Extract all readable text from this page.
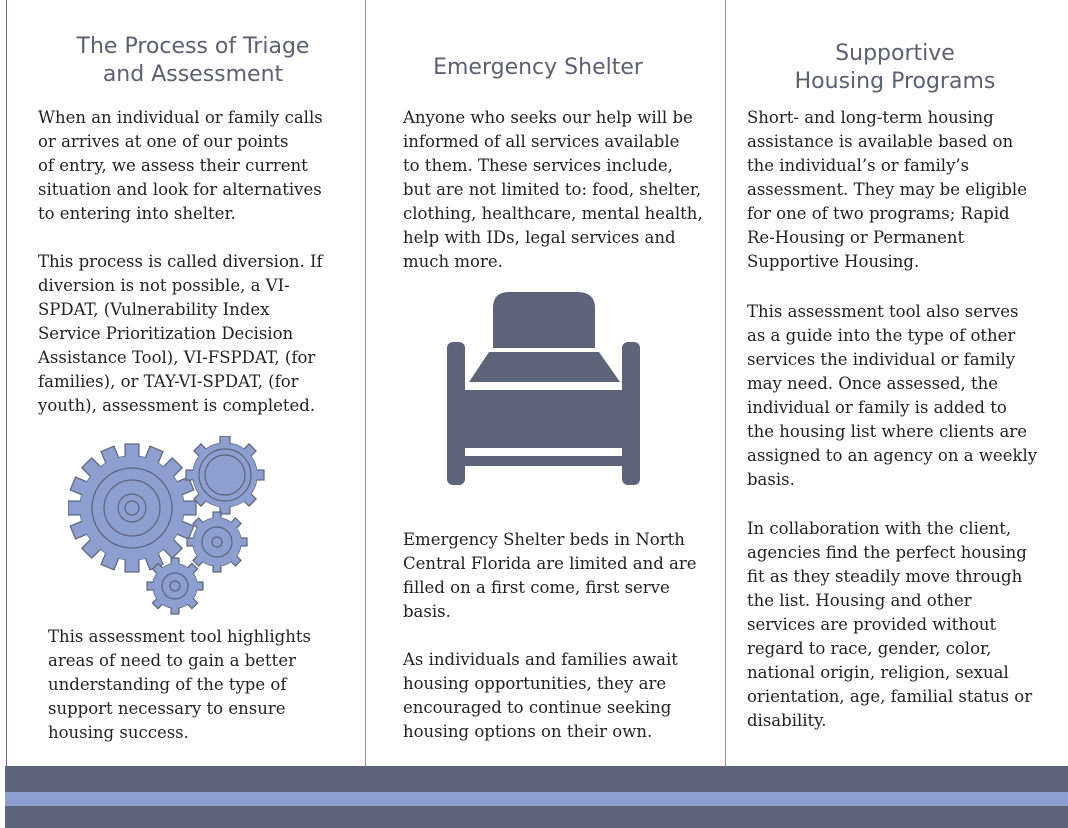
The Process of Triage
and Assessment

When an individual or family calls
or arrives at one of our points
of entry, we assess their current
situation and look for alternatives
to entering into shelter.

This process is called diversion. If
diversion is not possible, a VI-
SPDAT, (Vulnerability Index
Service Prioritization Decision
Assistance Tool), VI-FSPDAT, (for
families), or TAY-VI-SPDAT, (for
youth), assessment is completed.

This assessment tool highlights
areas of need to gain a better
understanding of the type of
support necessary to ensure
housing success.

Emergency Shelter

Anyone who seeks our help will be
informed of all services available
to them. These services include,
but are not limited to: food, shelter,
clothing, healthcare, mental health,
help with IDs, legal services and
much more.

Emergency Shelter beds in North
Central Florida are limited and are
filled on a first come, first serve
basis.

As individuals and families await
housing opportunities, they are
encouraged to continue seeking
housing options on their own.

Supportive
Housing Programs

Short- and long-term housing
assistance is available based on
the individual’s or family’s
assessment. They may be eligible
for one of two programs; Rapid
Re-Housing or Permanent
Supportive Housing.

This assessment tool also serves
as a guide into the type of other
services the individual or family
may need. Once assessed, the
individual or family is added to
the housing list where clients are
assigned to an agency on a weekly
basis.

In collaboration with the client,
agencies find the perfect housing
fit as they steadily move through
the list. Housing and other
services are provided without
regard to race, gender, color,
national origin, religion, sexual
orientation, age, familial status or
disability.
